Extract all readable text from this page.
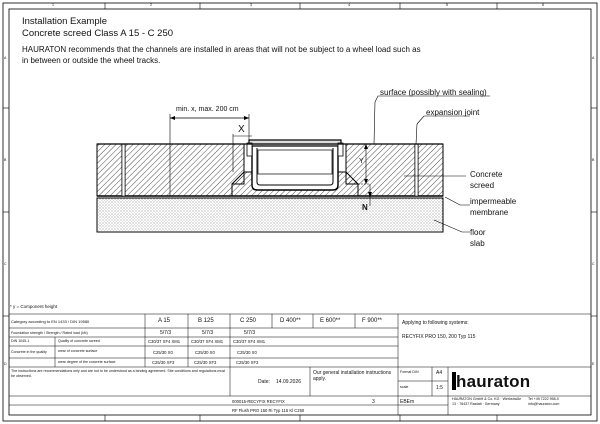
1	2	3	4	5	6
A
B
C
D
A
B
C
E
Installation Example
Concrete screed Class A 15 - C 250
HAURATON recommends that the channels are installed in areas that will not be subject to a wheel load such as in between or outside the wheel tracks.
min. x, max. 200 cm
X
Y
N
surface (possibly with sealing)
expansion joint
Concrete
screed
impermeable
membrane
floor
slab
* y = Component height
Category according to EN 1433 / DIN 19580	A 15	B 125	C 250	D 400**	E 600**	F 900**
Foundation strength / Strength / Rated load (kN)	5/7/3	5/7/3	5/7/3
DIN 1045-1	Quality of concrete screed	C30/37 XF4 XM1	C30/37 XF4 XM1 C30/37 XF4 XM1
Concrete in the quality	wear of concrete surface	C25/30 X0	C25/30 X0	C25/30 X0
wear degree of the concrete surface	C25/30 XF3	C25/30 XF3	C25/30 XF3
Applying to following systems:
RECYFIX PRO 150, 200 Typ 115
The instructions are recommendations only and are not to be understood as a binding agreement. Site conditions and regulations must be observed.
Date: 14.09.2026
Our general installation instructions apply.
000015-RECYFIX RECYFIX	3
RF Flush PRO 150 Ri Typ 115 Kl C250
Format DIN	A4
scale	1:5
EBEm
hauraton
HAURATON GmbH & Co. KG · Werkstraße 13 · 76437 Rastatt · Germany
Tel +49 7222 958-0
info@hauraton.com
